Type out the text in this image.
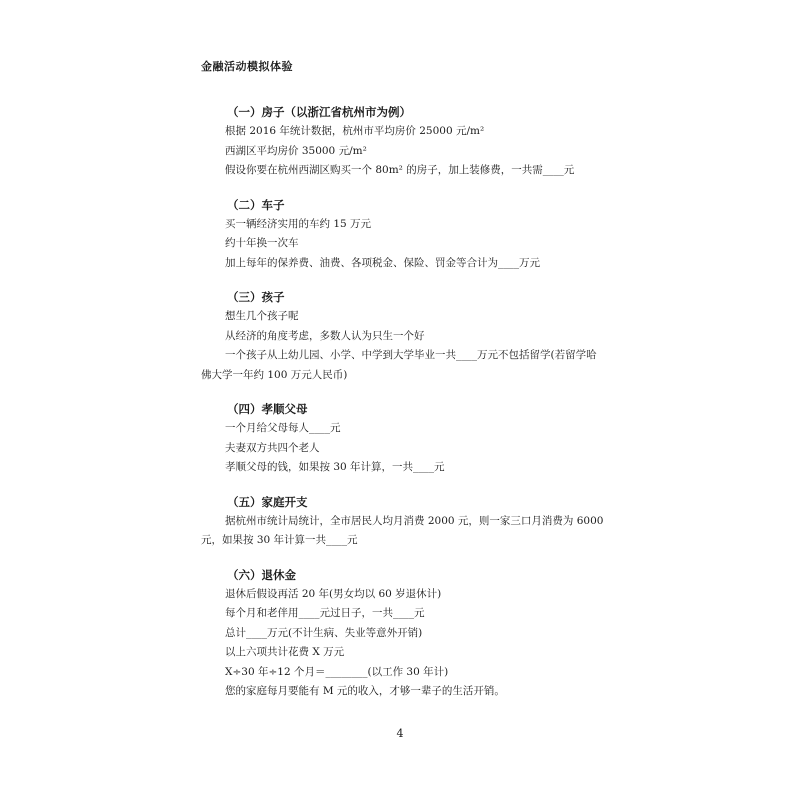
金融活动模拟体验
（一）房子（以浙江省杭州市为例）
根据 2016 年统计数据，杭州市平均房价 25000 元/m²
西湖区平均房价 35000 元/m²
假设你要在杭州西湖区购买一个 80m² 的房子，加上装修费，一共需____元
（二）车子
买一辆经济实用的车约 15 万元
约十年换一次车
加上每年的保养费、油费、各项税金、保险、罚金等合计为____万元
（三）孩子
想生几个孩子呢
从经济的角度考虑，多数人认为只生一个好
一个孩子从上幼儿园、小学、中学到大学毕业一共____万元不包括留学(若留学哈
佛大学一年约 100 万元人民币)
（四）孝顺父母
一个月给父母每人____元
夫妻双方共四个老人
孝顺父母的钱，如果按 30 年计算，一共____元
（五）家庭开支
据杭州市统计局统计，全市居民人均月消费 2000 元，则一家三口月消费为 6000
元，如果按 30 年计算一共____元
（六）退休金
退休后假设再活 20 年(男女均以 60 岁退休计)
每个月和老伴用____元过日子，一共____元
总计____万元(不计生病、失业等意外开销)
以上六项共计花费 X 万元
X÷30 年÷12 个月＝________(以工作 30 年计)
您的家庭每月要能有 M 元的收入，才够一辈子的生活开销。
4
